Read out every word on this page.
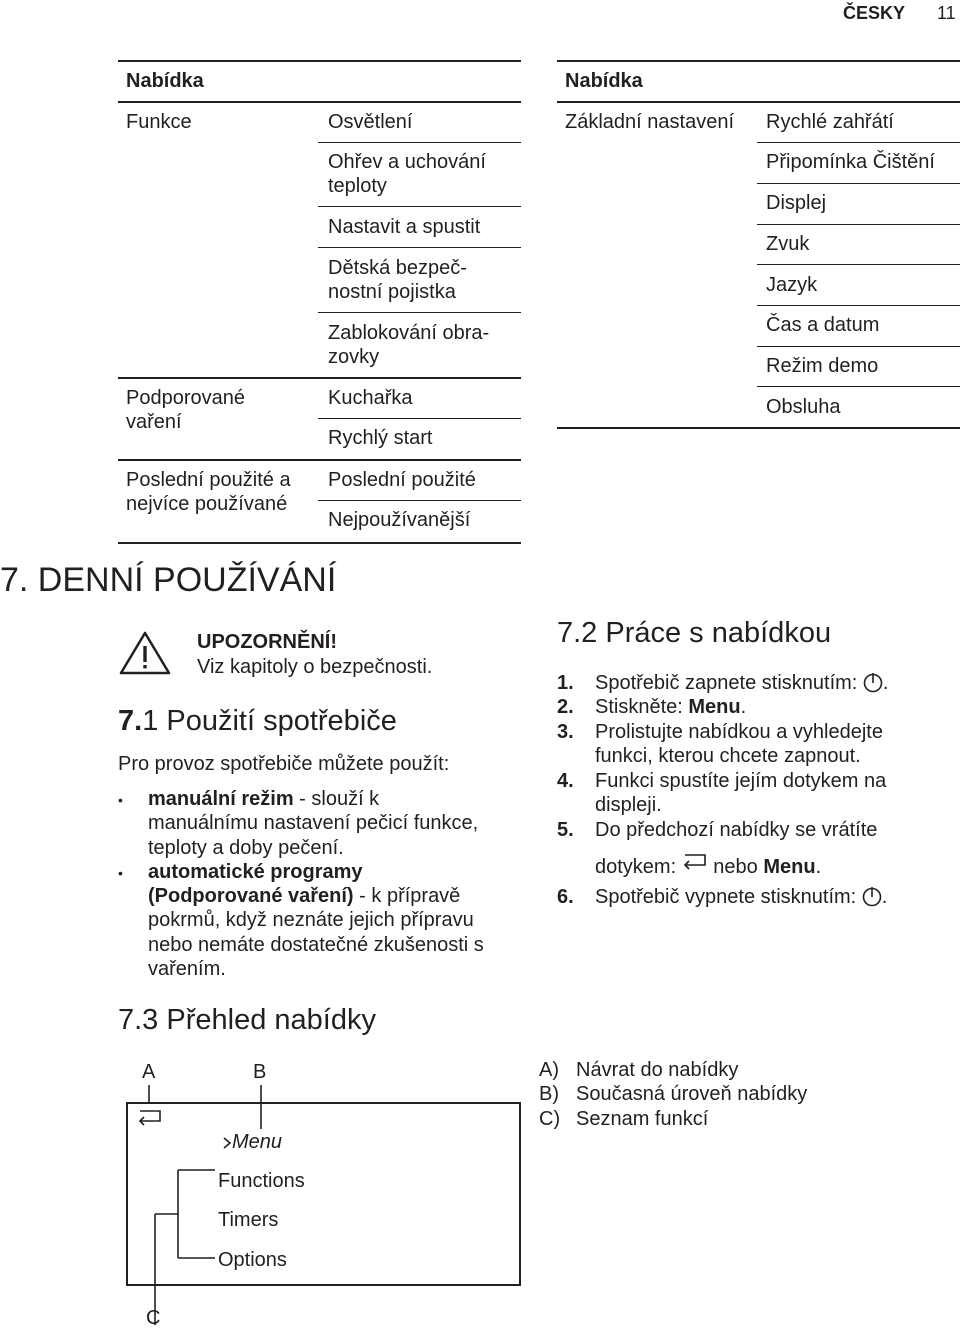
ČESKY 11
Nabídka
Funkce	Osvětlení
Ohřev a uchování
teploty
Nastavit a spustit
Dětská bezpeč-
nostní pojistka
Zablokování obra-
zovky
Podporované
vaření
Kuchařka
Rychlý start
Poslední použité a
nejvíce používané
Poslední použité
Nejpoužívanější
Nabídka
Základní nastavení Rychlé zahřátí
Připomínka Čištění
Displej
Zvuk
Jazyk
Čas a datum
Režim demo
Obsluha
7. DENNÍ POUŽÍVÁNÍ
UPOZORNĚNÍ!
Viz kapitoly o bezpečnosti.
7.1 Použití spotřebiče
Pro provoz spotřebiče můžete použít:
• manuální režim - slouží k
manuálnímu nastavení pečicí funkce,
teploty a doby pečení.
• automatické programy
(Podporované vaření) - k přípravě
pokrmů, když neznáte jejich přípravu
nebo nemáte dostatečné zkušenosti s
vařením.
7.3 Přehled nabídky
7.2 Práce s nabídkou
1. Spotřebič zapnete stisknutím: .
2. Stiskněte: Menu.
3. Prolistujte nabídkou a vyhledejte
funkci, kterou chcete zapnout.
4. Funkci spustíte jejím dotykem na
displeji.
5. Do předchozí nabídky se vrátíte
dotykem: nebo Menu.
6. Spotřebič vypnete stisknutím: .
A	B
Menu
Functions
Timers
Options
C
A) Návrat do nabídky
B) Současná úroveň nabídky
C) Seznam funkcí
